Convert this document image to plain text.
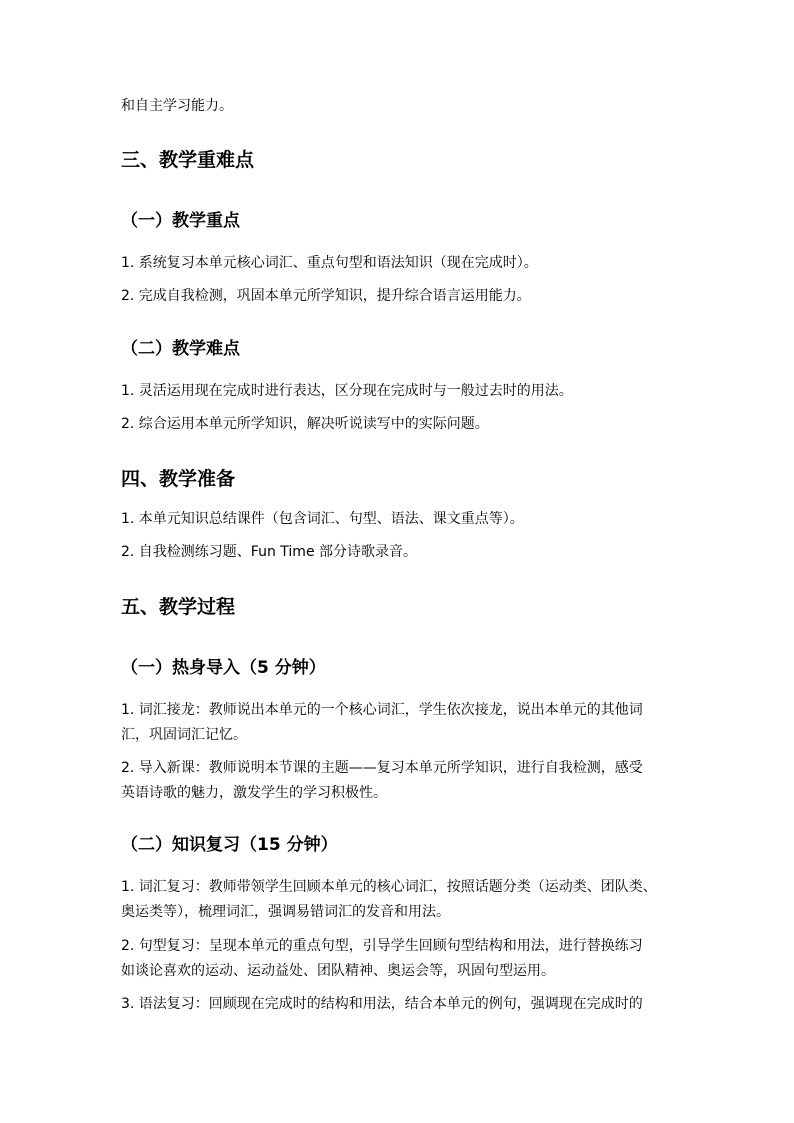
和自主学习能力。
三、教学重难点
（一）教学重点
1. 系统复习本单元核心词汇、重点句型和语法知识（现在完成时）。
2. 完成自我检测，巩固本单元所学知识，提升综合语言运用能力。
（二）教学难点
1. 灵活运用现在完成时进行表达，区分现在完成时与一般过去时的用法。
2. 综合运用本单元所学知识，解决听说读写中的实际问题。
四、教学准备
1. 本单元知识总结课件（包含词汇、句型、语法、课文重点等）。
2. 自我检测练习题、Fun Time 部分诗歌录音。
五、教学过程
（一）热身导入（5 分钟）
1. 词汇接龙：教师说出本单元的一个核心词汇，学生依次接龙，说出本单元的其他词
汇，巩固词汇记忆。
2. 导入新课：教师说明本节课的主题——复习本单元所学知识，进行自我检测，感受
英语诗歌的魅力，激发学生的学习积极性。
（二）知识复习（15 分钟）
1. 词汇复习：教师带领学生回顾本单元的核心词汇，按照话题分类（运动类、团队类、
奥运类等），梳理词汇，强调易错词汇的发音和用法。
2. 句型复习：呈现本单元的重点句型，引导学生回顾句型结构和用法，进行替换练习
如谈论喜欢的运动、运动益处、团队精神、奥运会等，巩固句型运用。
3. 语法复习：回顾现在完成时的结构和用法，结合本单元的例句，强调现在完成时的
